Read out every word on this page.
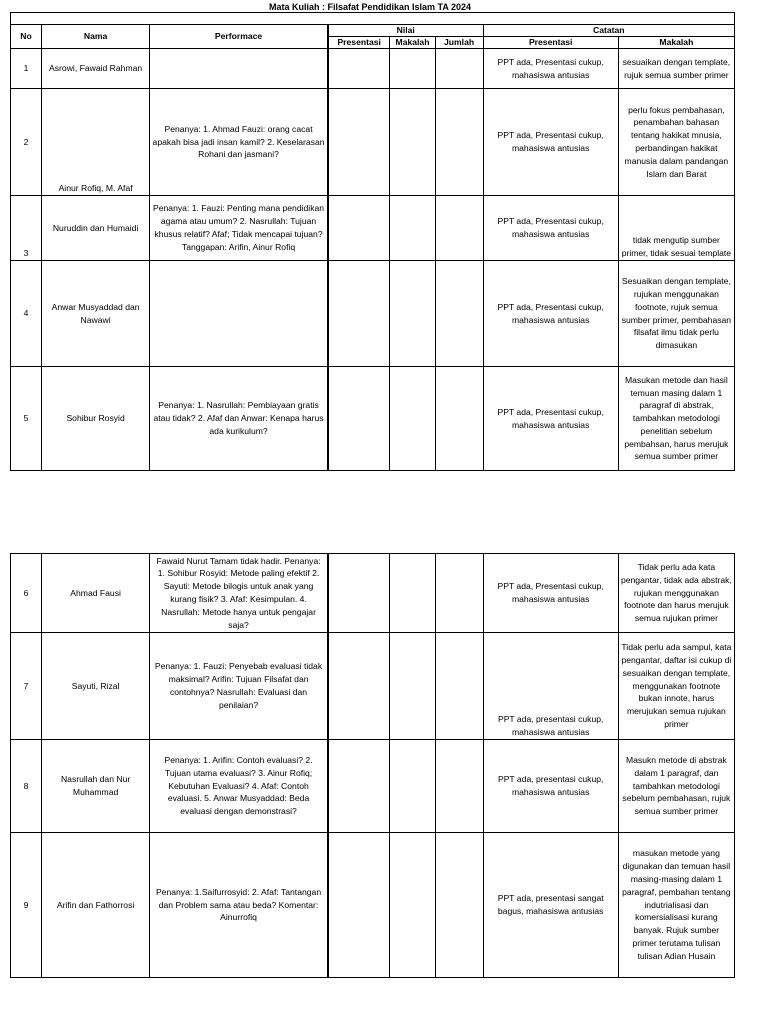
Mata Kuliah : Filsafat Pendidikan Islam TA 2024

No	Nama	Performace	Nilai			Catatan	
			Presentasi	Makalah	Jumlah	Presentasi	Makalah
1	Asrowi, Fawaid Rahman					PPT ada, Presentasi cukup, mahasiswa antusias	sesuaikan dengan template, rujuk semua sumber primer
2	Ainur Rofiq, M. Afaf	Penanya: 1. Ahmad Fauzi: orang cacat apakah bisa jadi insan kamil? 2. Keselarasan Rohani dan jasmani?				PPT ada, Presentasi cukup, mahasiswa antusias	perlu fokus pembahasan, penambahan bahasan tentang hakikat mnusia, perbandingan hakikat manusia dalam pandangan Islam dan Barat
3	Nuruddin dan Humaidi	Penanya: 1. Fauzi: Penting mana pendidikan agama atau umum? 2. Nasrullah: Tujuan khusus relatif? Afaf; Tidak mencapai tujuan? Tanggapan: Arifin, Ainur Rofiq				PPT ada, Presentasi cukup, mahasiswa antusias	tidak mengutip sumber primer, tidak sesuai template
4	Anwar Musyaddad dan Nawawi					PPT ada, Presentasi cukup, mahasiswa antusias	Sesuaikan dengan template, rujukan menggunakan footnote, rujuk semua sumber primer, pembahasan filsafat ilmu tidak perlu dimasukan
5	Sohibur Rosyid	Penanya: 1. Nasrullah: Pembiayaan gratis atau tidak? 2. Afaf dan Anwar: Kenapa harus ada kurikulum?				PPT ada, Presentasi cukup, mahasiswa antusias	Masukan metode dan hasil temuan masing dalam 1 paragraf di abstrak, tambahkan metodologi penelitian sebelum pembahsan, harus merujuk semua sumber primer
6	Ahmad Fausi	Fawaid Nurut Tamam tidak hadir. Penanya: 1. Sohibur Rosyid: Metode paling efektif 2. Sayuti: Metode bilogis untuk anak yang kurang fisik? 3. Afaf: Kesimpulan. 4. Nasrullah: Metode hanya untuk pengajar saja?				PPT ada, Presentasi cukup, mahasiswa antusias	Tidak perlu ada kata pengantar, tidak ada abstrak, rujukan menggunakan footnote dan harus merujuk semua rujukan primer
7	Sayuti, Rizal	Penanya: 1. Fauzi: Penyebab evaluasi tidak maksimal? Arifin: Tujuan Filsafat dan contohnya? Nasrullah: Evaluasi dan penilaian?				PPT ada, presentasi cukup, mahasiswa antusias	Tidak perlu ada sampul, kata pengantar, daftar isi cukup di sesuaikan dengan template, menggunakan footnote bukan innote, harus merujukan semua rujukan primer
8	Nasrullah dan Nur Muhammad	Penanya: 1. Arifin: Contoh evaluasi? 2. Tujuan utama evaluasi? 3. Ainur Rofiq; Kebutuhan Evaluasi? 4. Afaf: Contoh evaluasi. 5. Anwar Musyaddad: Beda evaluasi dengan demonstrasi?				PPT ada, presentasi cukup, mahasiswa antusias	Masukn metode di abstrak dalam 1 paragraf, dan tambahkan metodologi sebelum pembahasan, rujuk semua sumber primer
9	Arifin dan Fathorrosi	Penanya: 1.Saifurrosyid: 2. Afaf: Tantangan dan Problem sama atau beda? Komentar: Ainurrofiq				PPT ada, presentasi sangat bagus, mahasiswa antusias	masukan metode yang digunakan dan temuan hasil masing-masing dalam 1 paragraf, pembahan tentang indutrialisasi dan komersialisasi kurang banyak. Rujuk sumber primer terutama tulisan tulisan Adian Husain
